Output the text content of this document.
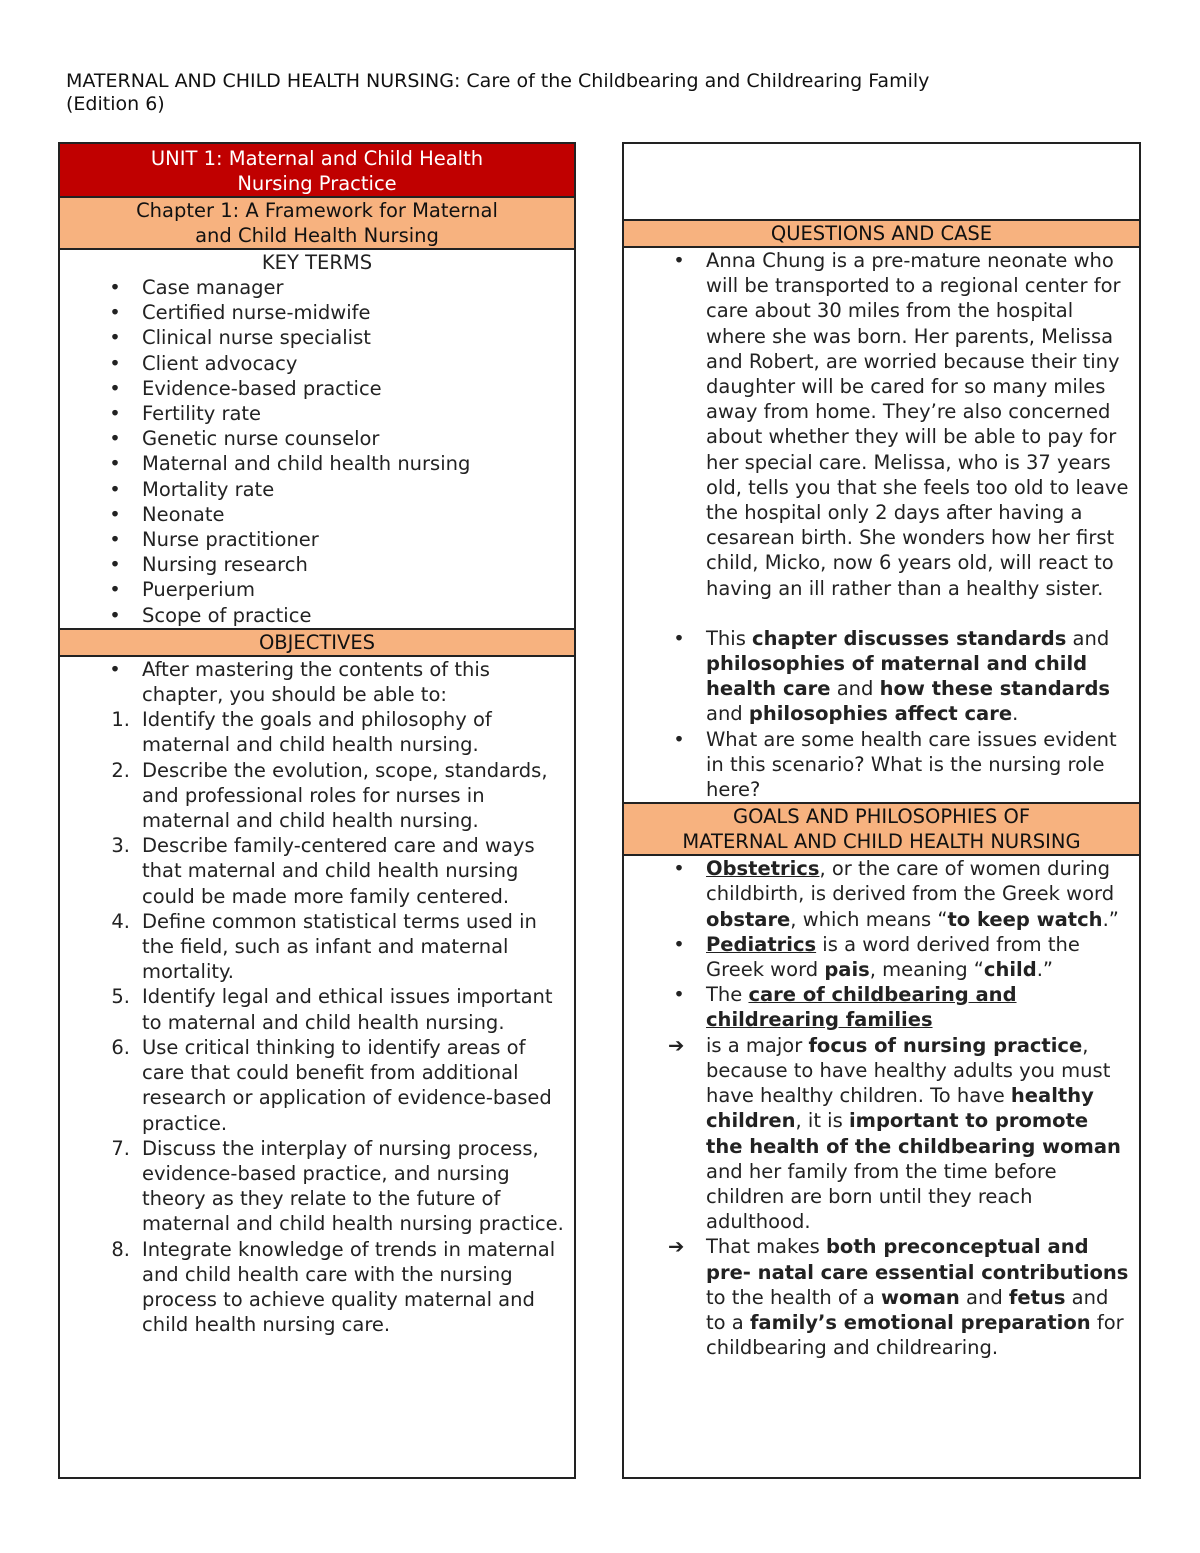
MATERNAL AND CHILD HEALTH NURSING: Care of the Childbearing and Childrearing Family
(Edition 6)
UNIT 1: Maternal and Child Health
Nursing Practice
Chapter 1: A Framework for Maternal
and Child Health Nursing
KEY TERMS
•	Case manager
•	Certified nurse-midwife
•	Clinical nurse specialist
•	Client advocacy
•	Evidence-based practice
•	Fertility rate
•	Genetic nurse counselor
•	Maternal and child health nursing
•	Mortality rate
•	Neonate
•	Nurse practitioner
•	Nursing research
•	Puerperium
•	Scope of practice
OBJECTIVES
•	After mastering the contents of this chapter, you should be able to:
1. Identify the goals and philosophy of maternal and child health nursing.
2. Describe the evolution, scope, standards, and professional roles for nurses in maternal and child health nursing.
3. Describe family-centered care and ways that maternal and child health nursing could be made more family centered.
4. Define common statistical terms used in the field, such as infant and maternal mortality.
5. Identify legal and ethical issues important to maternal and child health nursing.
6. Use critical thinking to identify areas of care that could benefit from additional research or application of evidence-based practice.
7. Discuss the interplay of nursing process, evidence-based practice, and nursing theory as they relate to the future of maternal and child health nursing practice.
8. Integrate knowledge of trends in maternal and child health care with the nursing process to achieve quality maternal and child health nursing care.
QUESTIONS AND CASE
•	Anna Chung is a pre-mature neonate who will be transported to a regional center for care about 30 miles from the hospital where she was born. Her parents, Melissa and Robert, are worried because their tiny daughter will be cared for so many miles away from home. They’re also concerned about whether they will be able to pay for her special care. Melissa, who is 37 years old, tells you that she feels too old to leave the hospital only 2 days after having a cesarean birth. She wonders how her first child, Micko, now 6 years old, will react to having an ill rather than a healthy sister.
•	This chapter discusses standards and philosophies of maternal and child health care and how these standards and philosophies affect care.
•	What are some health care issues evident in this scenario? What is the nursing role here?
GOALS AND PHILOSOPHIES OF
MATERNAL AND CHILD HEALTH NURSING
•	Obstetrics, or the care of women during childbirth, is derived from the Greek word obstare, which means “to keep watch.”
•	Pediatrics is a word derived from the Greek word pais, meaning “child.”
•	The care of childbearing and childrearing families
➔ is a major focus of nursing practice, because to have healthy adults you must have healthy children. To have healthy children, it is important to promote the health of the childbearing woman and her family from the time before children are born until they reach adulthood.
➔ That makes both preconceptual and pre- natal care essential contributions to the health of a woman and fetus and to a family’s emotional preparation for childbearing and childrearing.
